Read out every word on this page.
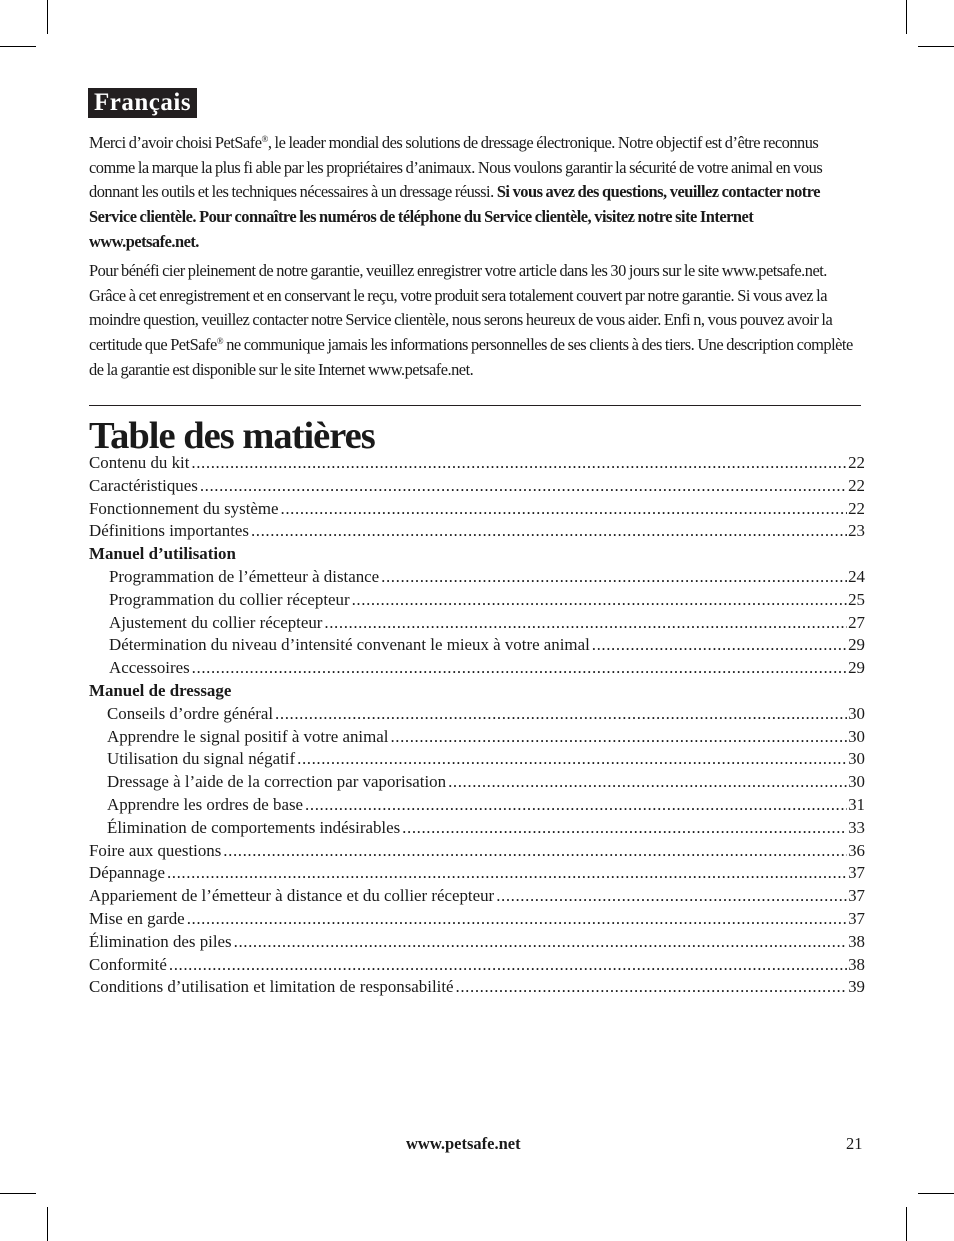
Français

Merci d’avoir choisi PetSafe®, le leader mondial des solutions de dressage électronique. Notre objectif est d’être reconnus comme la marque la plus fi able par les propriétaires d’animaux. Nous voulons garantir la sécurité de votre animal en vous donnant les outils et les techniques nécessaires à un dressage réussi. Si vous avez des questions, veuillez contacter notre Service clientèle. Pour connaître les numéros de téléphone du Service clientèle, visitez notre site Internet www.petsafe.net.

Pour bénéfi cier pleinement de notre garantie, veuillez enregistrer votre article dans les 30 jours sur le site www.petsafe.net. Grâce à cet enregistrement et en conservant le reçu, votre produit sera totalement couvert par notre garantie. Si vous avez la moindre question, veuillez contacter notre Service clientèle, nous serons heureux de vous aider. Enfi n, vous pouvez avoir la certitude que PetSafe® ne communique jamais les informations personnelles de ses clients à des tiers. Une description complète de la garantie est disponible sur le site Internet www.petsafe.net.

Table des matières
Contenu du kit .....	22
Caractéristiques .....	22
Fonctionnement du système .....	22
Définitions importantes .....	23
Manuel d’utilisation
Programmation de l’émetteur à distance .....	24
Programmation du collier récepteur .....	25
Ajustement du collier récepteur .....	27
Détermination du niveau d’intensité convenant le mieux à votre animal .....	29
Accessoires .....	29
Manuel de dressage
Conseils d’ordre général .....	30
Apprendre le signal positif à votre animal .....	30
Utilisation du signal négatif .....	30
Dressage à l’aide de la correction par vaporisation .....	30
Apprendre les ordres de base .....	31
Élimination de comportements indésirables .....	33
Foire aux questions .....	36
Dépannage .....	37
Appariement de l’émetteur à distance et du collier récepteur .....	37
Mise en garde .....	37
Élimination des piles .....	38
Conformité .....	38
Conditions d’utilisation et limitation de responsabilité .....	39
www.petsafe.net	21
